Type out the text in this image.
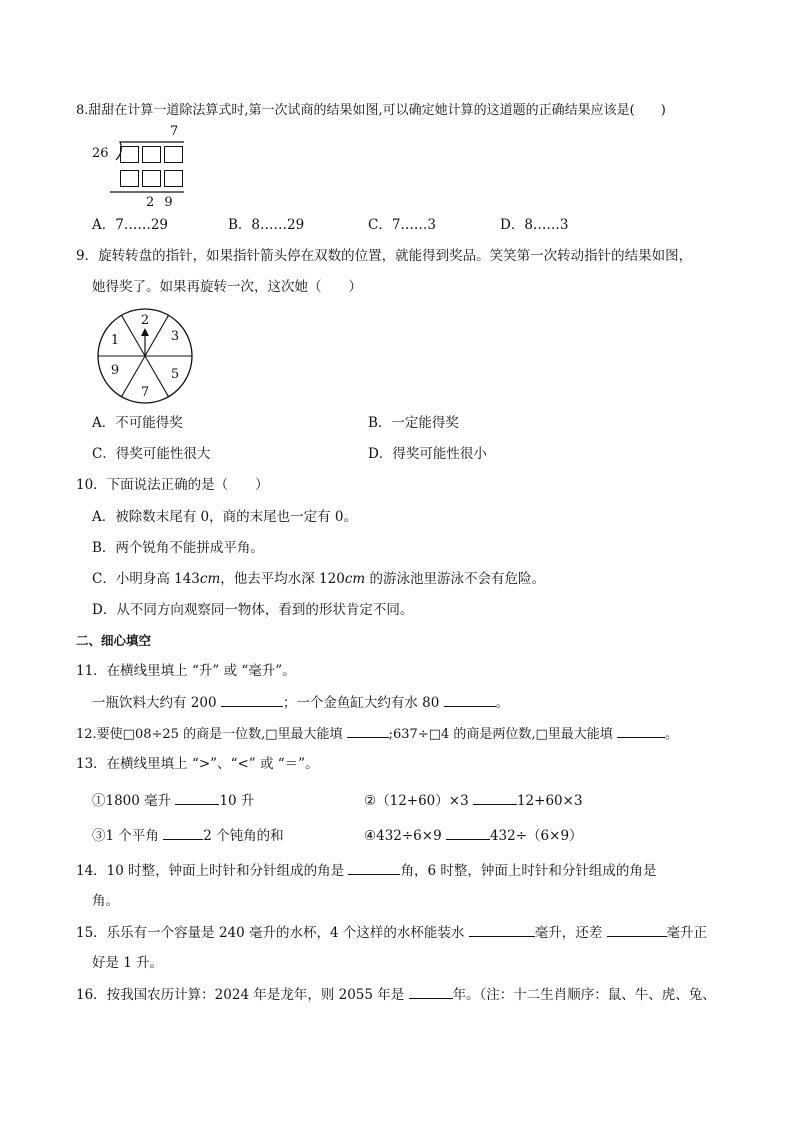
8.甜甜在计算一道除法算式时,第一次试商的结果如图,可以确定她计算的这道题的正确结果应该是(　　)
7
26
2 9
A．7……29	B．8……29	C．7……3	D．8……3
9．旋转转盘的指针，如果指针箭头停在双数的位置，就能得到奖品。笑笑第一次转动指针的结果如图，
她得奖了。如果再旋转一次，这次她（　　）
2
3
5
7
9
1
A．不可能得奖	B．一定能得奖
C．得奖可能性很大	D．得奖可能性很小
10．下面说法正确的是（　　）
A．被除数末尾有 0，商的末尾也一定有 0。
B．两个锐角不能拼成平角。
C．小明身高 143cm，他去平均水深 120cm 的游泳池里游泳不会有危险。
D．从不同方向观察同一物体，看到的形状肯定不同。
二、细心填空
11．在横线里填上 “升” 或 “毫升”。
一瓶饮料大约有 200	；一个金鱼缸大约有水 80	。
12.要使□08÷25 的商是一位数,□里最大能填	;637÷□4 的商是两位数,□里最大能填	。
13．在横线里填上 “>”、“<” 或 “＝”。
①1800 毫升	10 升	②（12+60）×3	12+60×3
③1 个平角	2 个钝角的和	④432÷6×9	432÷（6×9）
14．10 时整，钟面上时针和分针组成的角是	角，6 时整，钟面上时针和分针组成的角是
角。
15．乐乐有一个容量是 240 毫升的水杯，4 个这样的水杯能装水	毫升，还差	毫升正
好是 1 升。
16．按我国农历计算：2024 年是龙年，则 2055 年是	年。（注：十二生肖顺序：鼠、牛、虎、兔、
